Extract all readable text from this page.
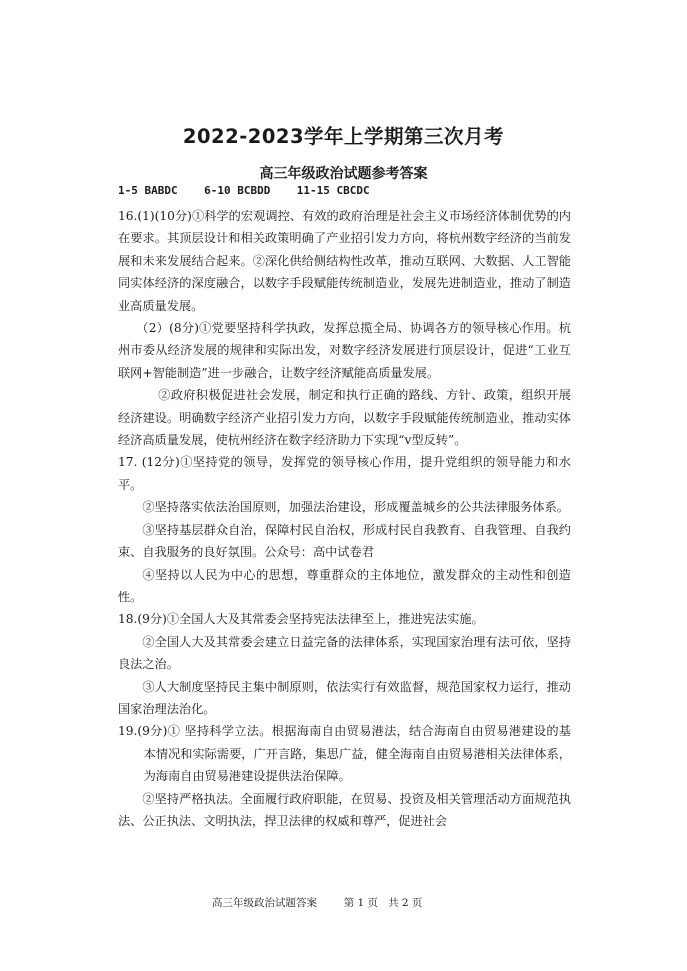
2022-2023学年上学期第三次月考
高三年级政治试题参考答案
1-5 BABDC    6-10 BCBDD    11-15 CBCDC

16.(1)(10分)①科学的宏观调控、有效的政府治理是社会主义市场经济体制优势的内在要求。其顶层设计和相关政策明确了产业招引发力方向，将杭州数字经济的当前发展和未来发展结合起来。②深化供给侧结构性改革，推动互联网、大数据、人工智能同实体经济的深度融合，以数字手段赋能传统制造业，发展先进制造业，推动了制造业高质量发展。

（2）(8分)①党要坚持科学执政，发挥总揽全局、协调各方的领导核心作用。杭州市委从经济发展的规律和实际出发，对数字经济发展进行顶层设计，促进“工业互联网+智能制造”进一步融合，让数字经济赋能高质量发展。

②政府积极促进社会发展，制定和执行正确的路线、方针、政策，组织开展经济建设。明确数字经济产业招引发力方向，以数字手段赋能传统制造业，推动实体经济高质量发展，使杭州经济在数字经济助力下实现“v型反转”。

17. (12分)①坚持党的领导，发挥党的领导核心作用，提升党组织的领导能力和水平。

②坚持落实依法治国原则，加强法治建设，形成覆盖城乡的公共法律服务体系。

③坚持基层群众自治，保障村民自治权，形成村民自我教育、自我管理、自我约束、自我服务的良好氛围。公众号：高中试卷君

④坚持以人民为中心的思想，尊重群众的主体地位，激发群众的主动性和创造性。

18.(9分)①全国人大及其常委会坚持宪法法律至上，推进宪法实施。

②全国人大及其常委会建立日益完备的法律体系，实现国家治理有法可依，坚持良法之治。

③人大制度坚持民主集中制原则，依法实行有效监督，规范国家权力运行，推动国家治理法治化。

19.(9分)① 坚持科学立法。根据海南自由贸易港法，结合海南自由贸易港建设的基本情况和实际需要，广开言路，集思广益，健全海南自由贸易港相关法律体系，为海南自由贸易港建设提供法治保障。

②坚持严格执法。全面履行政府职能，在贸易、投资及相关管理活动方面规范执法、公正执法、文明执法，捍卫法律的权威和尊严，促进社会

高三年级政治试题答案	第 1 页   共 2 页
